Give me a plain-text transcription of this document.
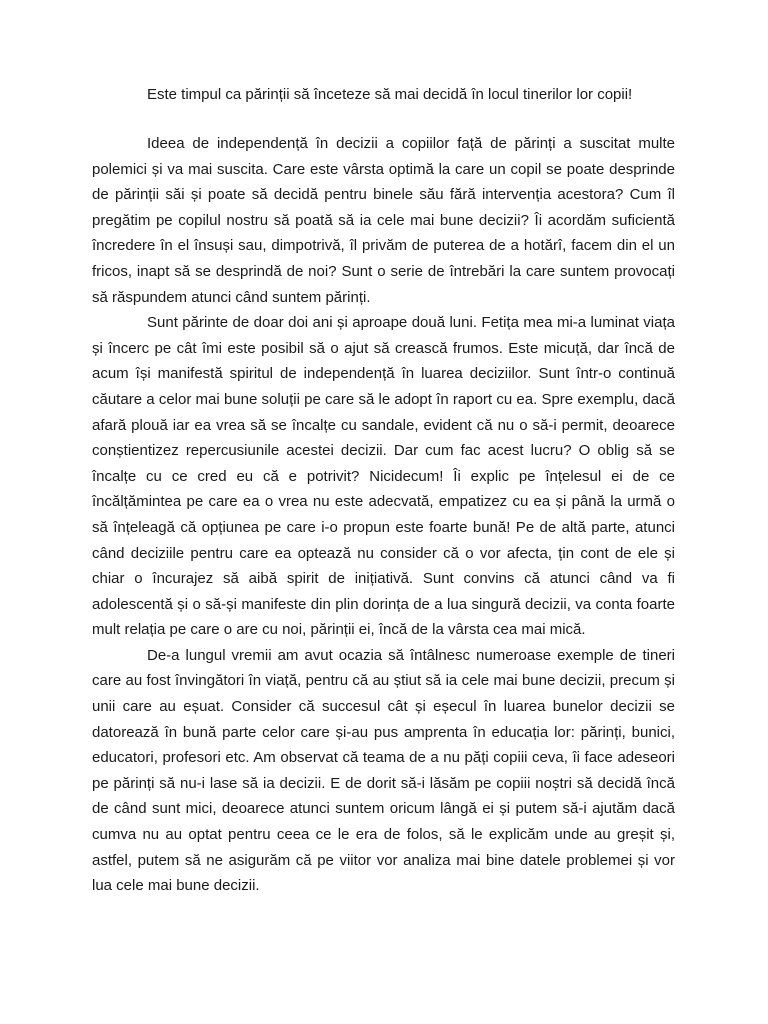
Este timpul ca părinții să înceteze să mai decidă în locul tinerilor lor copii!

Ideea de independență în decizii a copiilor față de părinți a suscitat multe polemici și va mai suscita. Care este vârsta optimă la care un copil se poate desprinde de părinții săi și poate să decidă pentru binele său fără intervenția acestora? Cum îl pregătim pe copilul nostru să poată să ia cele mai bune decizii? Îi acordăm suficientă încredere în el însuși sau, dimpotrivă, îl privăm de puterea de a hotărî, facem din el un fricos, inapt să se desprindă de noi? Sunt o serie de întrebări la care suntem provocați să răspundem atunci când suntem părinți.

Sunt părinte de doar doi ani și aproape două luni. Fetița mea mi-a luminat viața și încerc pe cât îmi este posibil să o ajut să crească frumos. Este micuță, dar încă de acum își manifestă spiritul de independență în luarea deciziilor. Sunt într-o continuă căutare a celor mai bune soluții pe care să le adopt în raport cu ea. Spre exemplu, dacă afară plouă iar ea vrea să se încalțe cu sandale, evident că nu o să-i permit, deoarece conștientizez repercusiunile acestei decizii. Dar cum fac acest lucru? O oblig să se încalțe cu ce cred eu că e potrivit? Nicidecum! Îi explic pe înțelesul ei de ce încălțămintea pe care ea o vrea nu este adecvată, empatizez cu ea și până la urmă o să înțeleagă că opțiunea pe care i-o propun este foarte bună! Pe de altă parte, atunci când deciziile pentru care ea optează nu consider că o vor afecta, țin cont de ele și chiar o încurajez să aibă spirit de inițiativă. Sunt convins că atunci când va fi adolescentă și o să-și manifeste din plin dorința de a lua singură decizii, va conta foarte mult relația pe care o are cu noi, părinții ei, încă de la vârsta cea mai mică.

De-a lungul vremii am avut ocazia să întâlnesc numeroase exemple de tineri care au fost învingători în viață, pentru că au știut să ia cele mai bune decizii, precum și unii care au eșuat. Consider că succesul cât și eșecul în luarea bunelor decizii se datorează în bună parte celor care și-au pus amprenta în educația lor: părinți, bunici, educatori, profesori etc. Am observat că teama de a nu păți copiii ceva, îi face adeseori pe părinți să nu-i lase să ia decizii. E de dorit să-i lăsăm pe copiii noștri să decidă încă de când sunt mici, deoarece atunci suntem oricum lângă ei și putem să-i ajutăm dacă cumva nu au optat pentru ceea ce le era de folos, să le explicăm unde au greșit și, astfel, putem să ne asigurăm că pe viitor vor analiza mai bine datele problemei și vor lua cele mai bune decizii.
